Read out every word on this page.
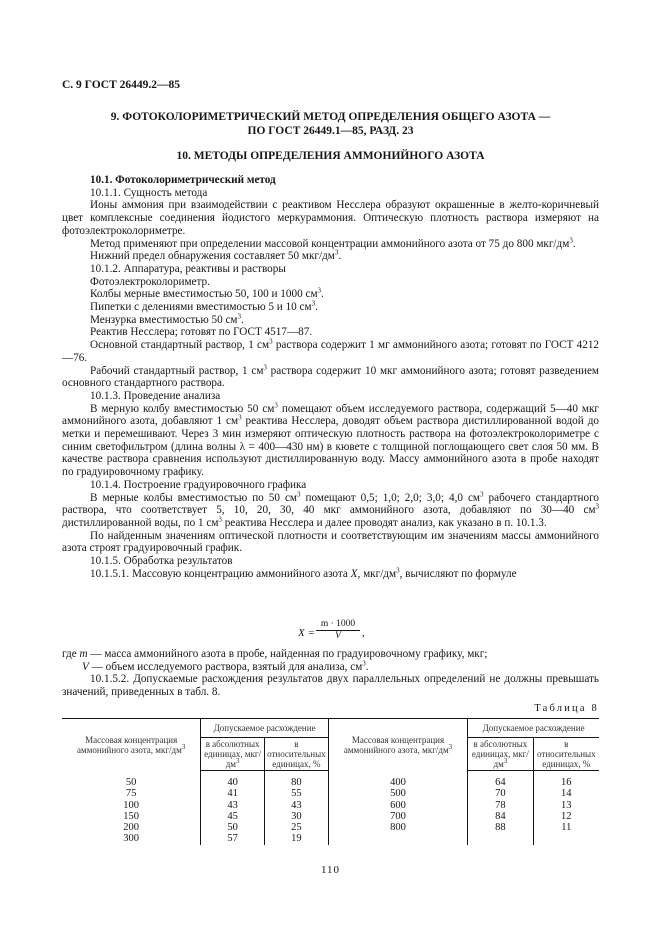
С. 9 ГОСТ 26449.2—85
9. ФОТОКОЛОРИМЕТРИЧЕСКИЙ МЕТОД ОПРЕДЕЛЕНИЯ ОБЩЕГО АЗОТА —
ПО ГОСТ 26449.1—85, РАЗД. 23
10. МЕТОДЫ ОПРЕДЕЛЕНИЯ АММОНИЙНОГО АЗОТА

10.1. Фотоколориметрический метод

10.1.1. Сущность метода

Ионы аммония при взаимодействии с реактивом Несслера образуют окрашенные в желто-коричневый цвет комплексные соединения йодистого меркураммония. Оптическую плотность раствора измеряют на фотоэлектроколориметре.

Метод применяют при определении массовой концентрации аммонийного азота от 75 до 800 мкг/$дм^3$.

Нижний предел обнаружения составляет 50 мкг/$дм^3$.

10.1.2. Аппаратура, реактивы и растворы

Фотоэлектроколориметр.

Колбы мерные вместимостью 50, 100 и 1000 $см^3$.

Пипетки с делениями вместимостью 5 и 10 $см^3$.

Мензурка вместимостью 50 $см^3$.

Реактив Несслера; готовят по ГОСТ 4517—87.

Основной стандартный раствор, 1 $см^3$ раствора содержит 1 мг аммонийного азота; готовят по ГОСТ 4212—76.

Рабочий стандартный раствор, 1 $см^3$ раствора содержит 10 мкг аммонийного азота; готовят разведением основного стандартного раствора.

10.1.3. Проведение анализа

В мерную колбу вместимостью 50 $см^3$ помещают объем исследуемого раствора, содержащий 5—40 мкг аммонийного азота, добавляют 1 $см^3$ реактива Несслера, доводят объем раствора дистиллированной водой до метки и перемешивают. Через 3 мин измеряют оптическую плотность раствора на фотоэлектроколориметре с синим светофильтром (длина волны λ = 400—430 нм) в кювете с толщиной поглощающего свет слоя 50 мм. В качестве раствора сравнения используют дистиллированную воду. Массу аммонийного азота в пробе находят по градуировочному графику.

10.1.4. Построение градуировочного графика

В мерные колбы вместимостью по 50 $см^3$ помещают 0,5; 1,0; 2,0; 3,0; 4,0 $см^3$ рабочего стандартного раствора, что соответствует 5, 10, 20, 30, 40 мкг аммонийного азота, добавляют по 30—40 $см^3$ дистиллированной воды, по 1 $см^3$ реактива Несслера и далее проводят анализ, как указано в п. 10.1.3.

По найденным значениям оптической плотности и соответствующим им значениям массы аммонийного азота строят градуировочный график.

10.1.5. Обработка результатов

10.1.5.1. Массовую концентрацию аммонийного азота X, мкг/$дм^3$, вычисляют по формуле

X =
m · 1000
V	,

где m — масса аммонийного азота в пробе, найденная по градуировочному графику, мкг;

V — объем исследуемого раствора, взятый для анализа, $см^3$.

10.1.5.2. Допускаемые расхождения результатов двух параллельных определений не должны превышать значений, приведенных в табл. 8.

Таблица 8

Массовая концентрация аммонийного азота, мкг/$дм^3$	Допускаемое расхождение		Массовая концентрация аммонийного азота, мкг/$дм^3$	Допускаемое расхождение	
	в абсолютных единицах, мкг/$дм^3$	в относительных единицах, %		в абсолютных единицах, мкг/$дм^3$	в относительных единицах, %
50	40	80	400	64	16
75	41	55	500	70	14
100	43	43	600	78	13
150	45	30	700	84	12
200	50	25	800	88	11
300	57	19			
110
